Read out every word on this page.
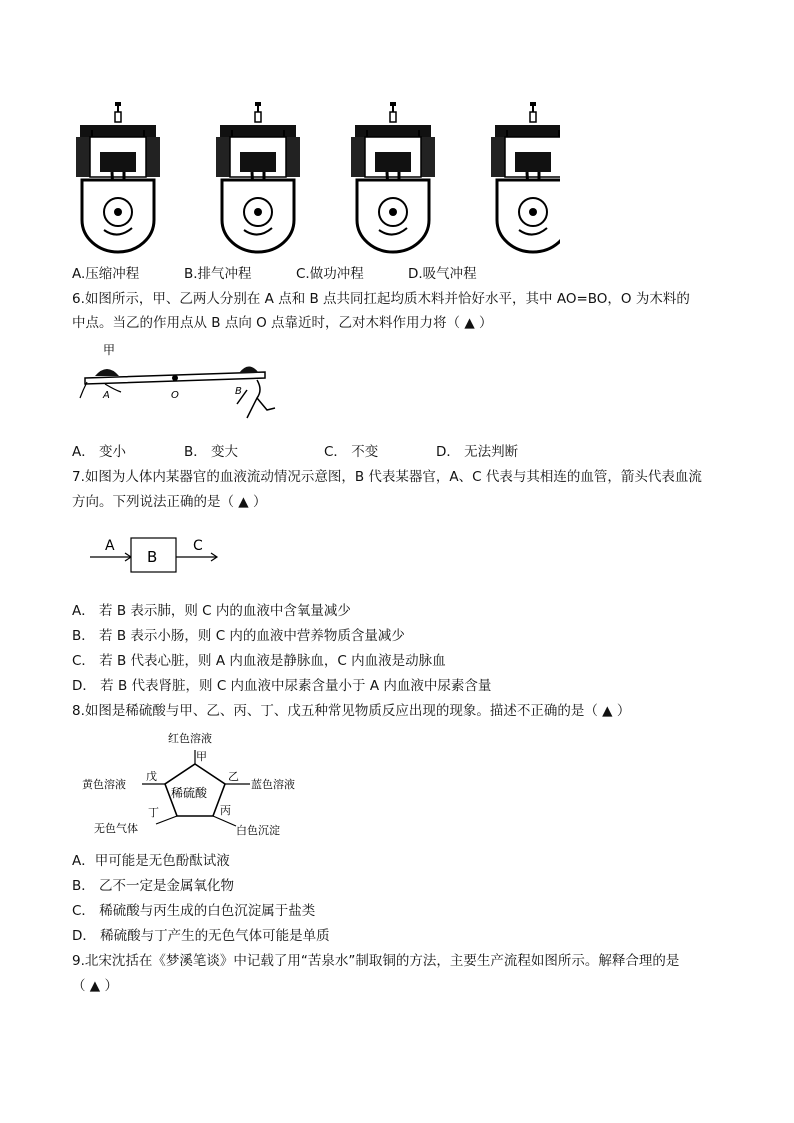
A.压缩冲程	B.排气冲程	C.做功冲程	D.吸气冲程
6.如图所示，甲、乙两人分别在 A 点和 B 点共同扛起均质木料并恰好水平，其中 AO=BO，O 为木料的
中点。当乙的作用点从 B 点向 O 点靠近时，乙对木料作用力将（ ▲ ）
甲
A	O	B
A． 变小	B． 变大	C． 不变	D． 无法判断
7.如图为人体内某器官的血液流动情况示意图，B 代表某器官，A、C 代表与其相连的血管，箭头代表血流
方向。下列说法正确的是（ ▲ ）
A
B
C
A． 若 B 表示肺，则 C 内的血液中含氧量减少
B． 若 B 表示小肠，则 C 内的血液中营养物质含量减少
C． 若 B 代表心脏，则 A 内血液是静脉血，C 内血液是动脉血
D． 若 B 代表肾脏，则 C 内血液中尿素含量小于 A 内血液中尿素含量
8.如图是稀硫酸与甲、乙、丙、丁、戊五种常见物质反应出现的现象。描述不正确的是（ ▲ ）
稀硫酸
红色溶液
甲
乙
蓝色溶液
丙
白色沉淀
丁
无色气体
戊
黄色溶液
A．甲可能是无色酚酞试液
B． 乙不一定是金属氧化物
C． 稀硫酸与丙生成的白色沉淀属于盐类
D． 稀硫酸与丁产生的无色气体可能是单质
9.北宋沈括在《梦溪笔谈》中记载了用“苦泉水”制取铜的方法，主要生产流程如图所示。解释合理的是
（ ▲ ）
